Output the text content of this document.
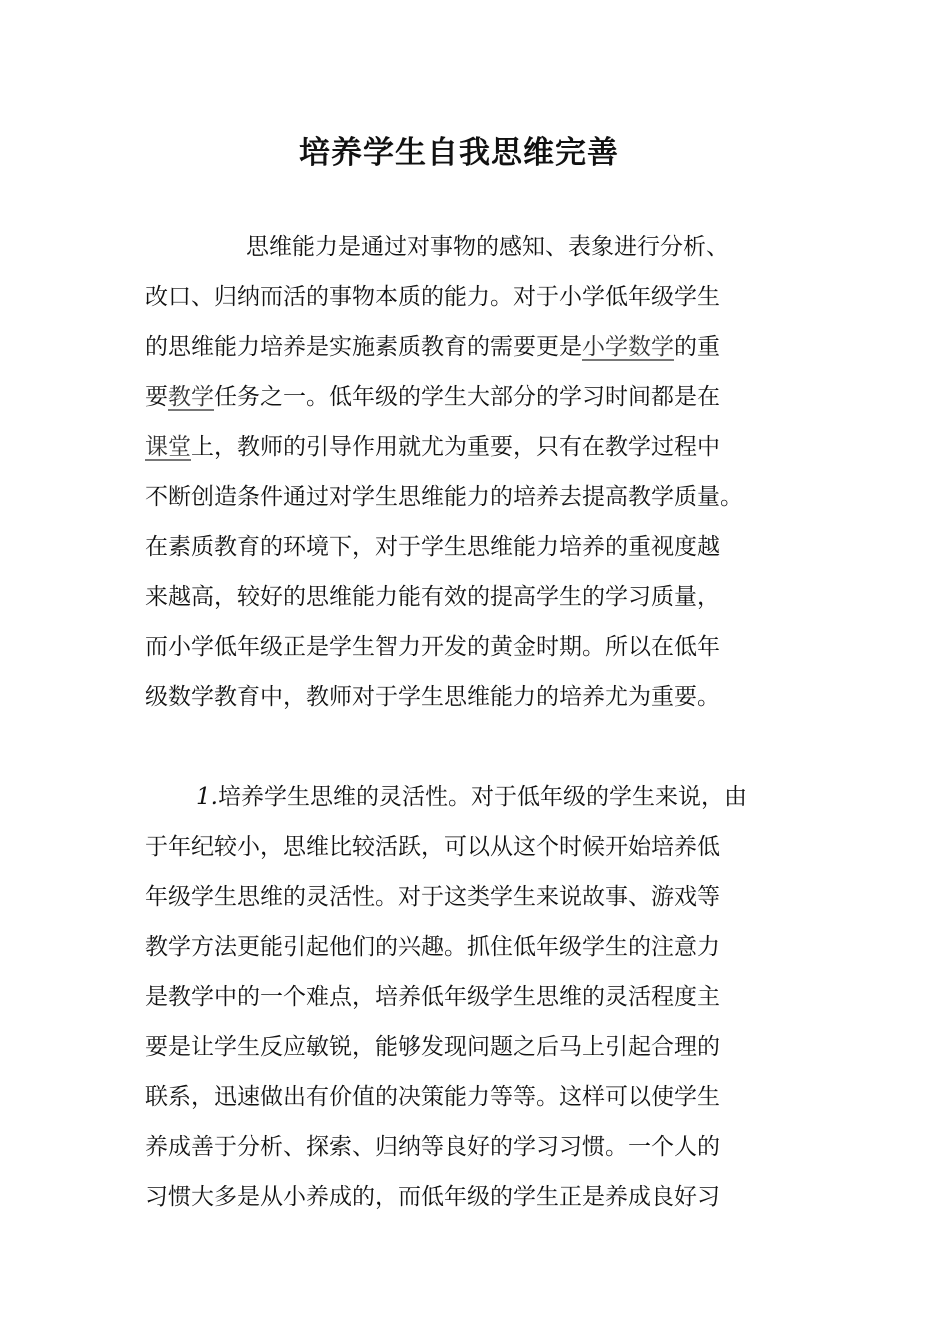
培养学生自我思维完善
思维能力是通过对事物的感知、表象进行分析、
改口、归纳而活的事物本质的能力。对于小学低年级学生
的思维能力培养是实施素质教育的需要更是小学数学的重
要教学任务之一。低年级的学生大部分的学习时间都是在
课堂上，教师的引导作用就尤为重要，只有在教学过程中
不断创造条件通过对学生思维能力的培养去提高教学质量。
在素质教育的环境下，对于学生思维能力培养的重视度越
来越高，较好的思维能力能有效的提高学生的学习质量，
而小学低年级正是学生智力开发的黄金时期。所以在低年
级数学教育中，教师对于学生思维能力的培养尤为重要。
1.培养学生思维的灵活性。对于低年级的学生来说，由
于年纪较小，思维比较活跃，可以从这个时候开始培养低
年级学生思维的灵活性。对于这类学生来说故事、游戏等
教学方法更能引起他们的兴趣。抓住低年级学生的注意力
是教学中的一个难点，培养低年级学生思维的灵活程度主
要是让学生反应敏锐，能够发现问题之后马上引起合理的
联系，迅速做出有价值的决策能力等等。这样可以使学生
养成善于分析、探索、归纳等良好的学习习惯。一个人的
习惯大多是从小养成的，而低年级的学生正是养成良好习
